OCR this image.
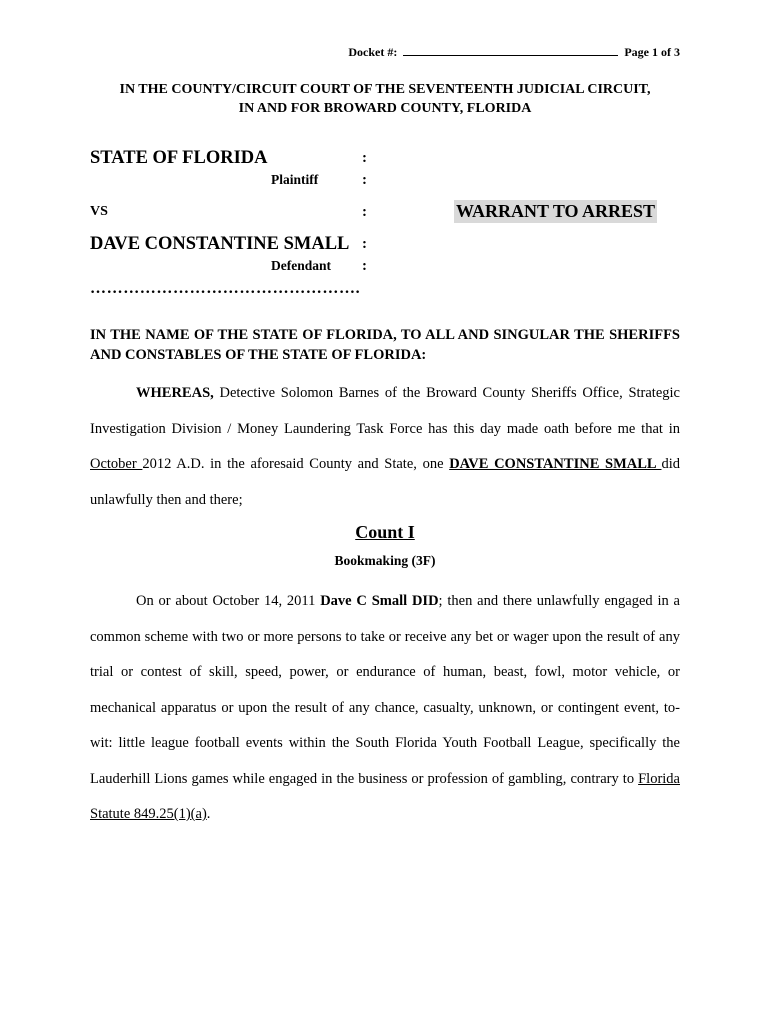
Docket #:	Page 1 of 3
IN THE COUNTY/CIRCUIT COURT OF THE SEVENTEENTH JUDICIAL CIRCUIT,
IN AND FOR BROWARD COUNTY, FLORIDA
STATE OF FLORIDA	:
Plaintiff	:
VS	:	WARRANT TO ARREST
DAVE CONSTANTINE SMALL :
Defendant :
………………………………………….
IN THE NAME OF THE STATE OF FLORIDA, TO ALL AND SINGULAR THE SHERIFFS AND CONSTABLES OF THE STATE OF FLORIDA:
WHEREAS, Detective Solomon Barnes of the Broward County Sheriffs Office, Strategic Investigation Division / Money Laundering Task Force has this day made oath before me that in October 2012 A.D. in the aforesaid County and State, one DAVE CONSTANTINE SMALL did unlawfully then and there;
Count I
Bookmaking (3F)
On or about October 14, 2011 Dave C Small DID; then and there unlawfully engaged in a common scheme with two or more persons to take or receive any bet or wager upon the result of any trial or contest of skill, speed, power, or endurance of human, beast, fowl, motor vehicle, or mechanical apparatus or upon the result of any chance, casualty, unknown, or contingent event, to-wit: little league football events within the South Florida Youth Football League, specifically the Lauderhill Lions games while engaged in the business or profession of gambling, contrary to Florida Statute 849.25(1)(a).
